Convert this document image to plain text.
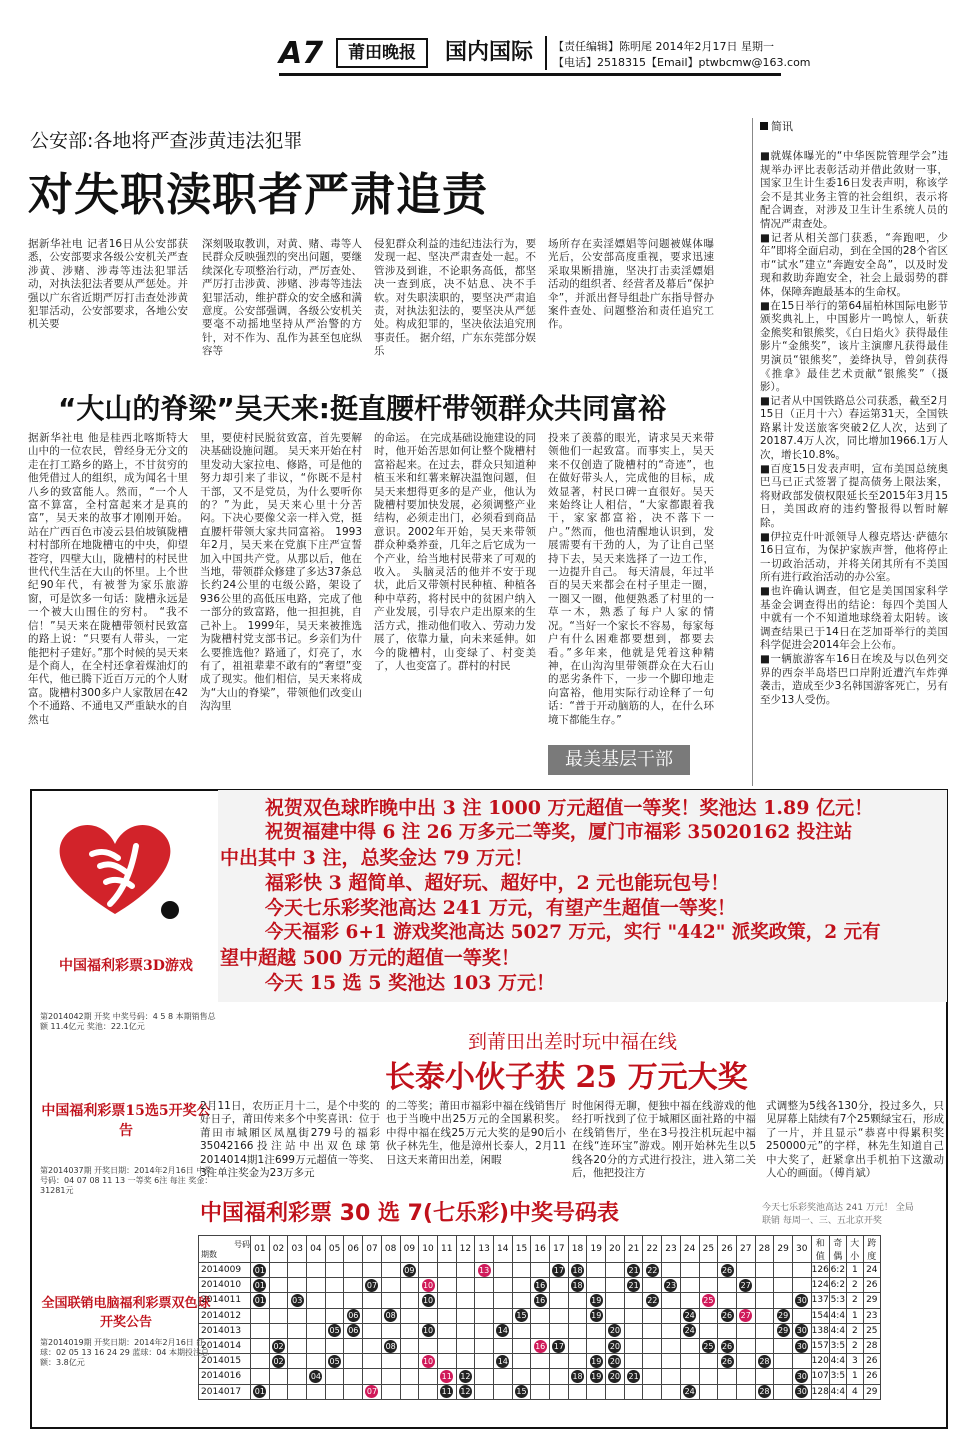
A7	莆田晚报	国内国际	【责任编辑】陈明尾 2014年2月17日 星期一
【电话】2518315【Email】ptwbcmw@163.com
公安部:各地将严查涉黄违法犯罪
对失职渎职者严肃追责
据新华社电 记者16日从公安部获悉，公安部要求各级公安机关严查涉黄、涉赌、涉毒等违法犯罪活动，对执法犯法者要从严惩处。并强以广东省近期严厉打击查处涉黄犯罪活动，公安部要求，各地公安机关要
深刻吸取教训，对黄、赌、毒等人民群众反映强烈的突出问题，要继续深化专项整治行动，严厉查处、严厉打击涉黄、涉赌、涉毒等违法犯罪活动，维护群众的安全感和满意度。公安部强调，各级公安机关要毫不动摇地坚持从严治警的方针，对不作为、乱作为甚至包庇纵容等
侵犯群众利益的违纪违法行为，要发现一起、坚决严肃查处一起。不管涉及到谁，不论职务高低，都坚决一查到底，决不姑息、决不手软。对失职渎职的，要坚决严肃追责，对执法犯法的，要坚决从严惩处。构成犯罪的，坚决依法追究刑事责任。 据介绍，广东东莞部分娱乐
场所存在卖淫嫖娼等问题被媒体曝光后，公安部高度重视，要求迅速采取果断措施，坚决打击卖淫嫖娼活动的组织者、经营者及幕后“保护伞”，并派出督导组赴广东指导督办案件查处、问题整治和责任追究工作。
“大山的脊梁”吴天来:挺直腰杆带领群众共同富裕
据新华社电 他是桂西北喀斯特大山中的一位农民，曾经身无分文的走在打工路乡的路上，不甘贫穷的他凭借过人的组织，成为闻名十里八乡的致富能人。然而，“一个人富不算富，全村富起来才是真的富”，吴天来的故事才刚刚开始。 站在广西百色市凌云县伯坡镇陇槽村村部所在地陇槽屯的中央，仰望苍穹，四壁大山，陇槽村的村民世世代代生活在大山的怀里。上个世纪90年代，有被誉为家乐旅游窗，可是饮多一句话：陇槽永远是一个被大山围住的穷村。 “我不信！”吴天来在陇槽带领村民致富的路上说：“只要有人带头，一定能把村子建好。”那个时候的吴天来是个商人，在全村还拿着煤油灯的年代，他已腾下近百万元的个人财富。陇槽村300多户人家散居在42个不通路、不通电又严重缺水的自然屯
里，要使村民脱贫致富，首先要解决基础设施问题。 吴天来开始在村里发动大家拉电、修路，可是他的努力却引来了非议，“你既不是村干部，又不是党员，为什么要听你的？”为此，吴天来心里十分苦闷。下决心要像父亲一样入党，挺直腰杆带领大家共同富裕。 1993年2月，吴天来在党旗下庄严宣誓加入中国共产党。从那以后，他在当地，带领群众修建了多达37条总长约24公里的屯级公路，架设了936公里的高低压电路，完成了他一部分的致富路，他一担担挑，自己补上。 1999年，吴天来被推选为陇槽村党支部书记。乡亲们为什么要推选他？路通了，灯亮了，水有了，祖祖辈辈不敢有的“奢望”变成了现实。他们相信，吴天来将成为“大山的脊梁”，带领他们改变山沟沟里
的命运。 在完成基础设施建设的同时，他开始苦思如何让整个陇槽村富裕起来。在过去，群众只知道种植玉米和红薯来解决温饱问题，但吴天来想得更多的是产业，他认为陇槽村要加快发展，必须调整产业结构，必须走出门，必须看到商品意识。2002年开始，吴天来带领群众种桑养蚕，几年之后它成为一个产业，给当地村民带来了可观的收入。 头脑灵活的他并不安于现状，此后又带领村民种植、种植各种中草药，将村民中的贫困户纳入产业发展，引导农户走出原来的生活方式，推动他们收入、劳动力发展了，依靠力量，向未来延伸。如今的陇槽村，山变绿了、村变美了，人也变富了。群村的村民
投来了羡慕的眼光，请求吴天来带领他们一起致富。而事实上，吴天来不仅创造了陇槽村的“奇迹”，也在做好带头人，完成他的目标，成效显著，村民口碑一直很好。吴天来始终让人相信，“大家都跟着我干，家家都富裕，决不落下一户。”然而，他也清醒地认识到，发展需要有干劲的人，为了让自己坚持下去，吴天来选择了一边工作，一边提升自己。 每天清晨，年过半百的吴天来都会在村子里走一圈，一圈又一圈，他便熟悉了村里的一草一木，熟悉了每户人家的情况。“当好一个家长不容易，每家每户有什么困难都要想到，都要去看。”多年来，他就是凭着这种精神，在山沟沟里带领群众在大石山的恶劣条件下，一步一个脚印地走向富裕，他用实际行动诠释了一句话：“普于开动脑筋的人，在什么环境下都能生存。”
最美基层干部
简讯

■就媒体曝光的“中华医院管理学会”违规举办评比表彰活动并借此敛财一事，国家卫生计生委16日发表声明，称该学会不是其业务主管的社会组织，表示将配合调查，对涉及卫生计生系统人员的情况严肃查处。

■记者从相关部门获悉，“奔跑吧，少年”即将全面启动，到在全国的28个省区市“试水”建立“奔跑安全岛”，以及时发现和救助奔跑安全，社会上最弱势的群体，保障奔跑最基本的生命权。

■在15日举行的第64届柏林国际电影节颁奖典礼上，中国影片一鸣惊人，斩获金熊奖和银熊奖，《白日焰火》获得最佳影片“金熊奖”，该片主演廖凡获得最佳男演员“银熊奖”，姜绛执导，曾剑获得《推拿》最佳艺术贡献“银熊奖”（摄影）。

■记者从中国铁路总公司获悉，截至2月15日（正月十六）春运第31天，全国铁路累计发送旅客突破2亿人次，达到了20187.4万人次，同比增加1966.1万人次，增长10.8%。

■百度15日发表声明，宣布美国总统奥巴马已正式签署了提高债务上限法案，将财政部发债权限延长至2015年3月15日，美国政府的违约警报得以暂时解除。

■伊拉克什叶派领导人穆克塔达·萨德尔16日宣布，为保护家族声誉，他将停止一切政治活动，并将关闭其所有不美国所有进行政治活动的办公室。

■也许确认调查，但它是美国国家科学基金会调查得出的结论：每四个美国人中就有一个不知道地球绕着太阳转。该调查结果已于14日在芝加哥举行的美国科学促进会2014年会上公布。

■一辆旅游客车16日在埃及与以色列交界的西奈半岛塔巴口岸附近遭汽车炸弹袭击，造成至少3名韩国游客死亡，另有至少13人受伤。

中国福利彩票3D游戏
第2014042期 开奖 中奖号码：4 5 8 本期销售总额 11.4亿元 奖池：22.1亿元
中国福利彩票15选5开奖公告
第2014037期 开奖日期：2014年2月16日 中奖号码：04 07 08 11 13 一等奖 6注 每注 奖金：31281元
全国联销电脑福利彩票双色球开奖公告
第2014019期 开奖日期：2014年2月16日 红球：02 05 13 16 24 29 蓝球：04 本期投注总额：3.8亿元
祝贺双色球昨晚中出 3 注 1000 万元超值一等奖！奖池达 1.89 亿元！
祝贺福建中得 6 注 26 万多元二等奖，厦门市福彩 35020162 投注站
中出其中 3 注，总奖金达 79 万元！
福彩快 3 超简单、超好玩、超好中，2 元也能玩包号！
今天七乐彩奖池高达 241 万元，有望产生超值一等奖！
今天福彩 6+1 游戏奖池高达 5027 万元，实行 "442" 派奖政策，2 元有
望中超越 500 万元的超值一等奖！
今天 15 选 5 奖池达 103 万元！
到莆田出差时玩中福在线
长泰小伙子获 25 万元大奖
2月11日，农历正月十二，是个中奖的好日子，莆田传来多个中奖喜讯：位于莆田市城厢区凤凰街279号的福彩35042166投注站中出双色球第2014014期1注699万元超值一等奖、3注单注奖金为23万多元
的二等奖；莆田市福彩中福在线销售厅也于当晚中出25万元的全国累积奖。 中得中福在线25万元大奖的是90后小伙子林先生，他是漳州长泰人，2月11日这天来莆田出差，闲暇
时他闲得无聊，便独中福在线游戏的他经打听找到了位于城厢区面社路的中福在线销售厅，坐在3号投注机玩起中福在线“连环宝”游戏。刚开始林先生以5线各20分的方式进行投注，进入第二关后，他把投注方
式调整为5线各130分，投过多久，只见屏幕上陆续有7个25颗绿宝石，形成了一片，并且显示“恭喜中得累积奖250000元”的字样，林先生知道自己中大奖了，赶紧拿出手机拍下这激动人心的画面。（傅肖斌）
中国福利彩票 30 选 7(七乐彩)中奖号码表	今天七乐彩奖池高达 241 万元！ 全局
联销 每周一、三、五北京开奖
号码

期数	01	02	03	04	05	06	07	08	09	10	11	12	13	14	15	16	17	18	19	20	21	22	23	24	25	26	27	28	29	30	和值	奇偶	大小	跨度
2014009	01								09				13				17	18			21	22				26					126	6:2	1	24
2014010	01						07			10						16		18			21		23				27				124	6:2	2	26
2014011	01		03							10						16			19			22			25					30	137	5:3	2	29
2014012						06		08							15				19					24		26	27		29		154	4:4	1	23
2014013					05	06				10				14						20				24					29	30	138	4:4	2	25
2014014		02						08								16	17			20					25	26				30	157	3:5	2	28
2014015		02			05					10				14					19	20						26		28			120	4:4	3	26
2014016				04							11	12						18	19	20	21									30	107	3:5	1	26
2014017	01						07				11	12			15									24				28		30	128	4:4	4	29
